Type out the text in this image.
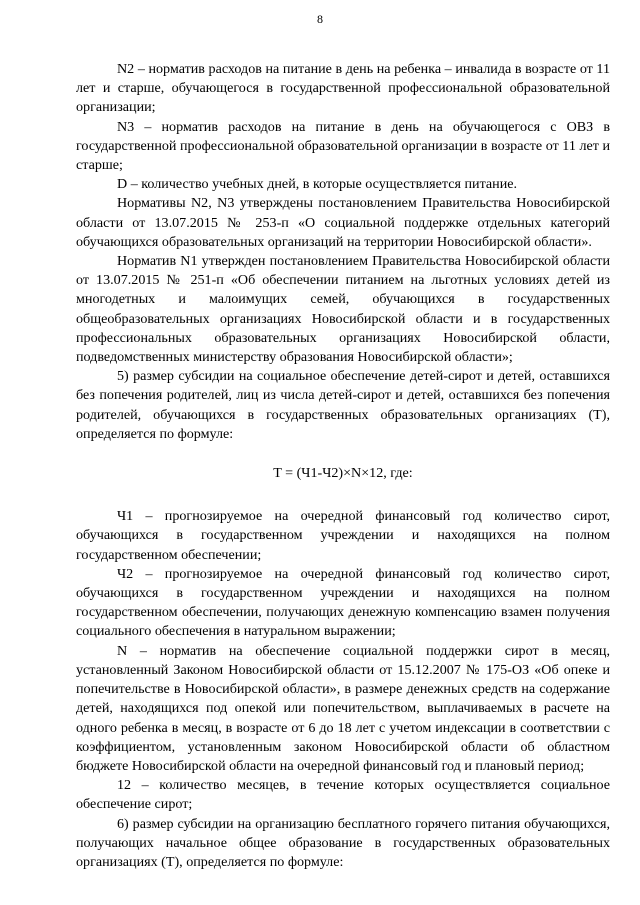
8

N2 – норматив расходов на питание в день на ребенка – инвалида в возрасте от 11 лет и старше, обучающегося в государственной профессиональной образовательной организации;

N3 – норматив расходов на питание в день на обучающегося с ОВЗ в государственной профессиональной образовательной организации в возрасте от 11 лет и старше;

D – количество учебных дней, в которые осуществляется питание.

Нормативы N2, N3 утверждены постановлением Правительства Новосибирской области от 13.07.2015 № 253-п «О социальной поддержке отдельных категорий обучающихся образовательных организаций на территории Новосибирской области».

Норматив N1 утвержден постановлением Правительства Новосибирской области от 13.07.2015 № 251-п «Об обеспечении питанием на льготных условиях детей из многодетных и малоимущих семей, обучающихся в государственных общеобразовательных организациях Новосибирской области и в государственных профессиональных образовательных организациях Новосибирской области, подведомственных министерству образования Новосибирской области»;

5) размер субсидии на социальное обеспечение детей-сирот и детей, оставшихся без попечения родителей, лиц из числа детей-сирот и детей, оставшихся без попечения родителей, обучающихся в государственных образовательных организациях (T), определяется по формуле:

T = (Ч1-Ч2)×N×12, где:

Ч1 – прогнозируемое на очередной финансовый год количество сирот, обучающихся в государственном учреждении и находящихся на полном государственном обеспечении;

Ч2 – прогнозируемое на очередной финансовый год количество сирот, обучающихся в государственном учреждении и находящихся на полном государственном обеспечении, получающих денежную компенсацию взамен получения социального обеспечения в натуральном выражении;

N – норматив на обеспечение социальной поддержки сирот в месяц, установленный Законом Новосибирской области от 15.12.2007 № 175-ОЗ «Об опеке и попечительстве в Новосибирской области», в размере денежных средств на содержание детей, находящихся под опекой или попечительством, выплачиваемых в расчете на одного ребенка в месяц, в возрасте от 6 до 18 лет с учетом индексации в соответствии с коэффициентом, установленным законом Новосибирской области об областном бюджете Новосибирской области на очередной финансовый год и плановый период;

12 – количество месяцев, в течение которых осуществляется социальное обеспечение сирот;

6) размер субсидии на организацию бесплатного горячего питания обучающихся, получающих начальное общее образование в государственных образовательных организациях (T), определяется по формуле:
